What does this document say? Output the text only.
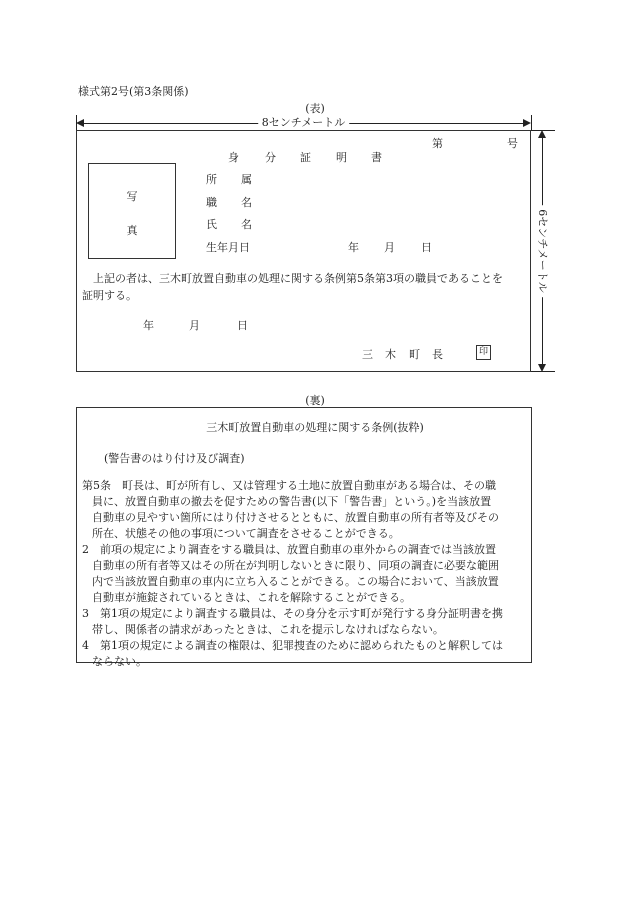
様式第2号(第3条関係)
(表)
8センチメートル
第	号
身 分 証 明 書
写
真
所 属
職 名
氏 名
生年月日	年 月 日
上記の者は、三木町放置自動車の処理に関する条例第5条第3項の職員であることを
証明する。
年	月	日
三 木 町 長	印
6センチメートル
(裏)
三木町放置自動車の処理に関する条例(抜粋)
(警告書のはり付け及び調査)
第5条　町長は、町が所有し、又は管理する土地に放置自動車がある場合は、その職
員に、放置自動車の撤去を促すための警告書(以下「警告書」という。)を当該放置
自動車の見やすい箇所にはり付けさせるとともに、放置自動車の所有者等及びその
所在、状態その他の事項について調査をさせることができる。
2　前項の規定により調査をする職員は、放置自動車の車外からの調査では当該放置
自動車の所有者等又はその所在が判明しないときに限り、同項の調査に必要な範囲
内で当該放置自動車の車内に立ち入ることができる。この場合において、当該放置
自動車が施錠されているときは、これを解除することができる。
3　第1項の規定により調査する職員は、その身分を示す町が発行する身分証明書を携
帯し、関係者の請求があったときは、これを提示しなければならない。
4　第1項の規定による調査の権限は、犯罪捜査のために認められたものと解釈しては
ならない。
